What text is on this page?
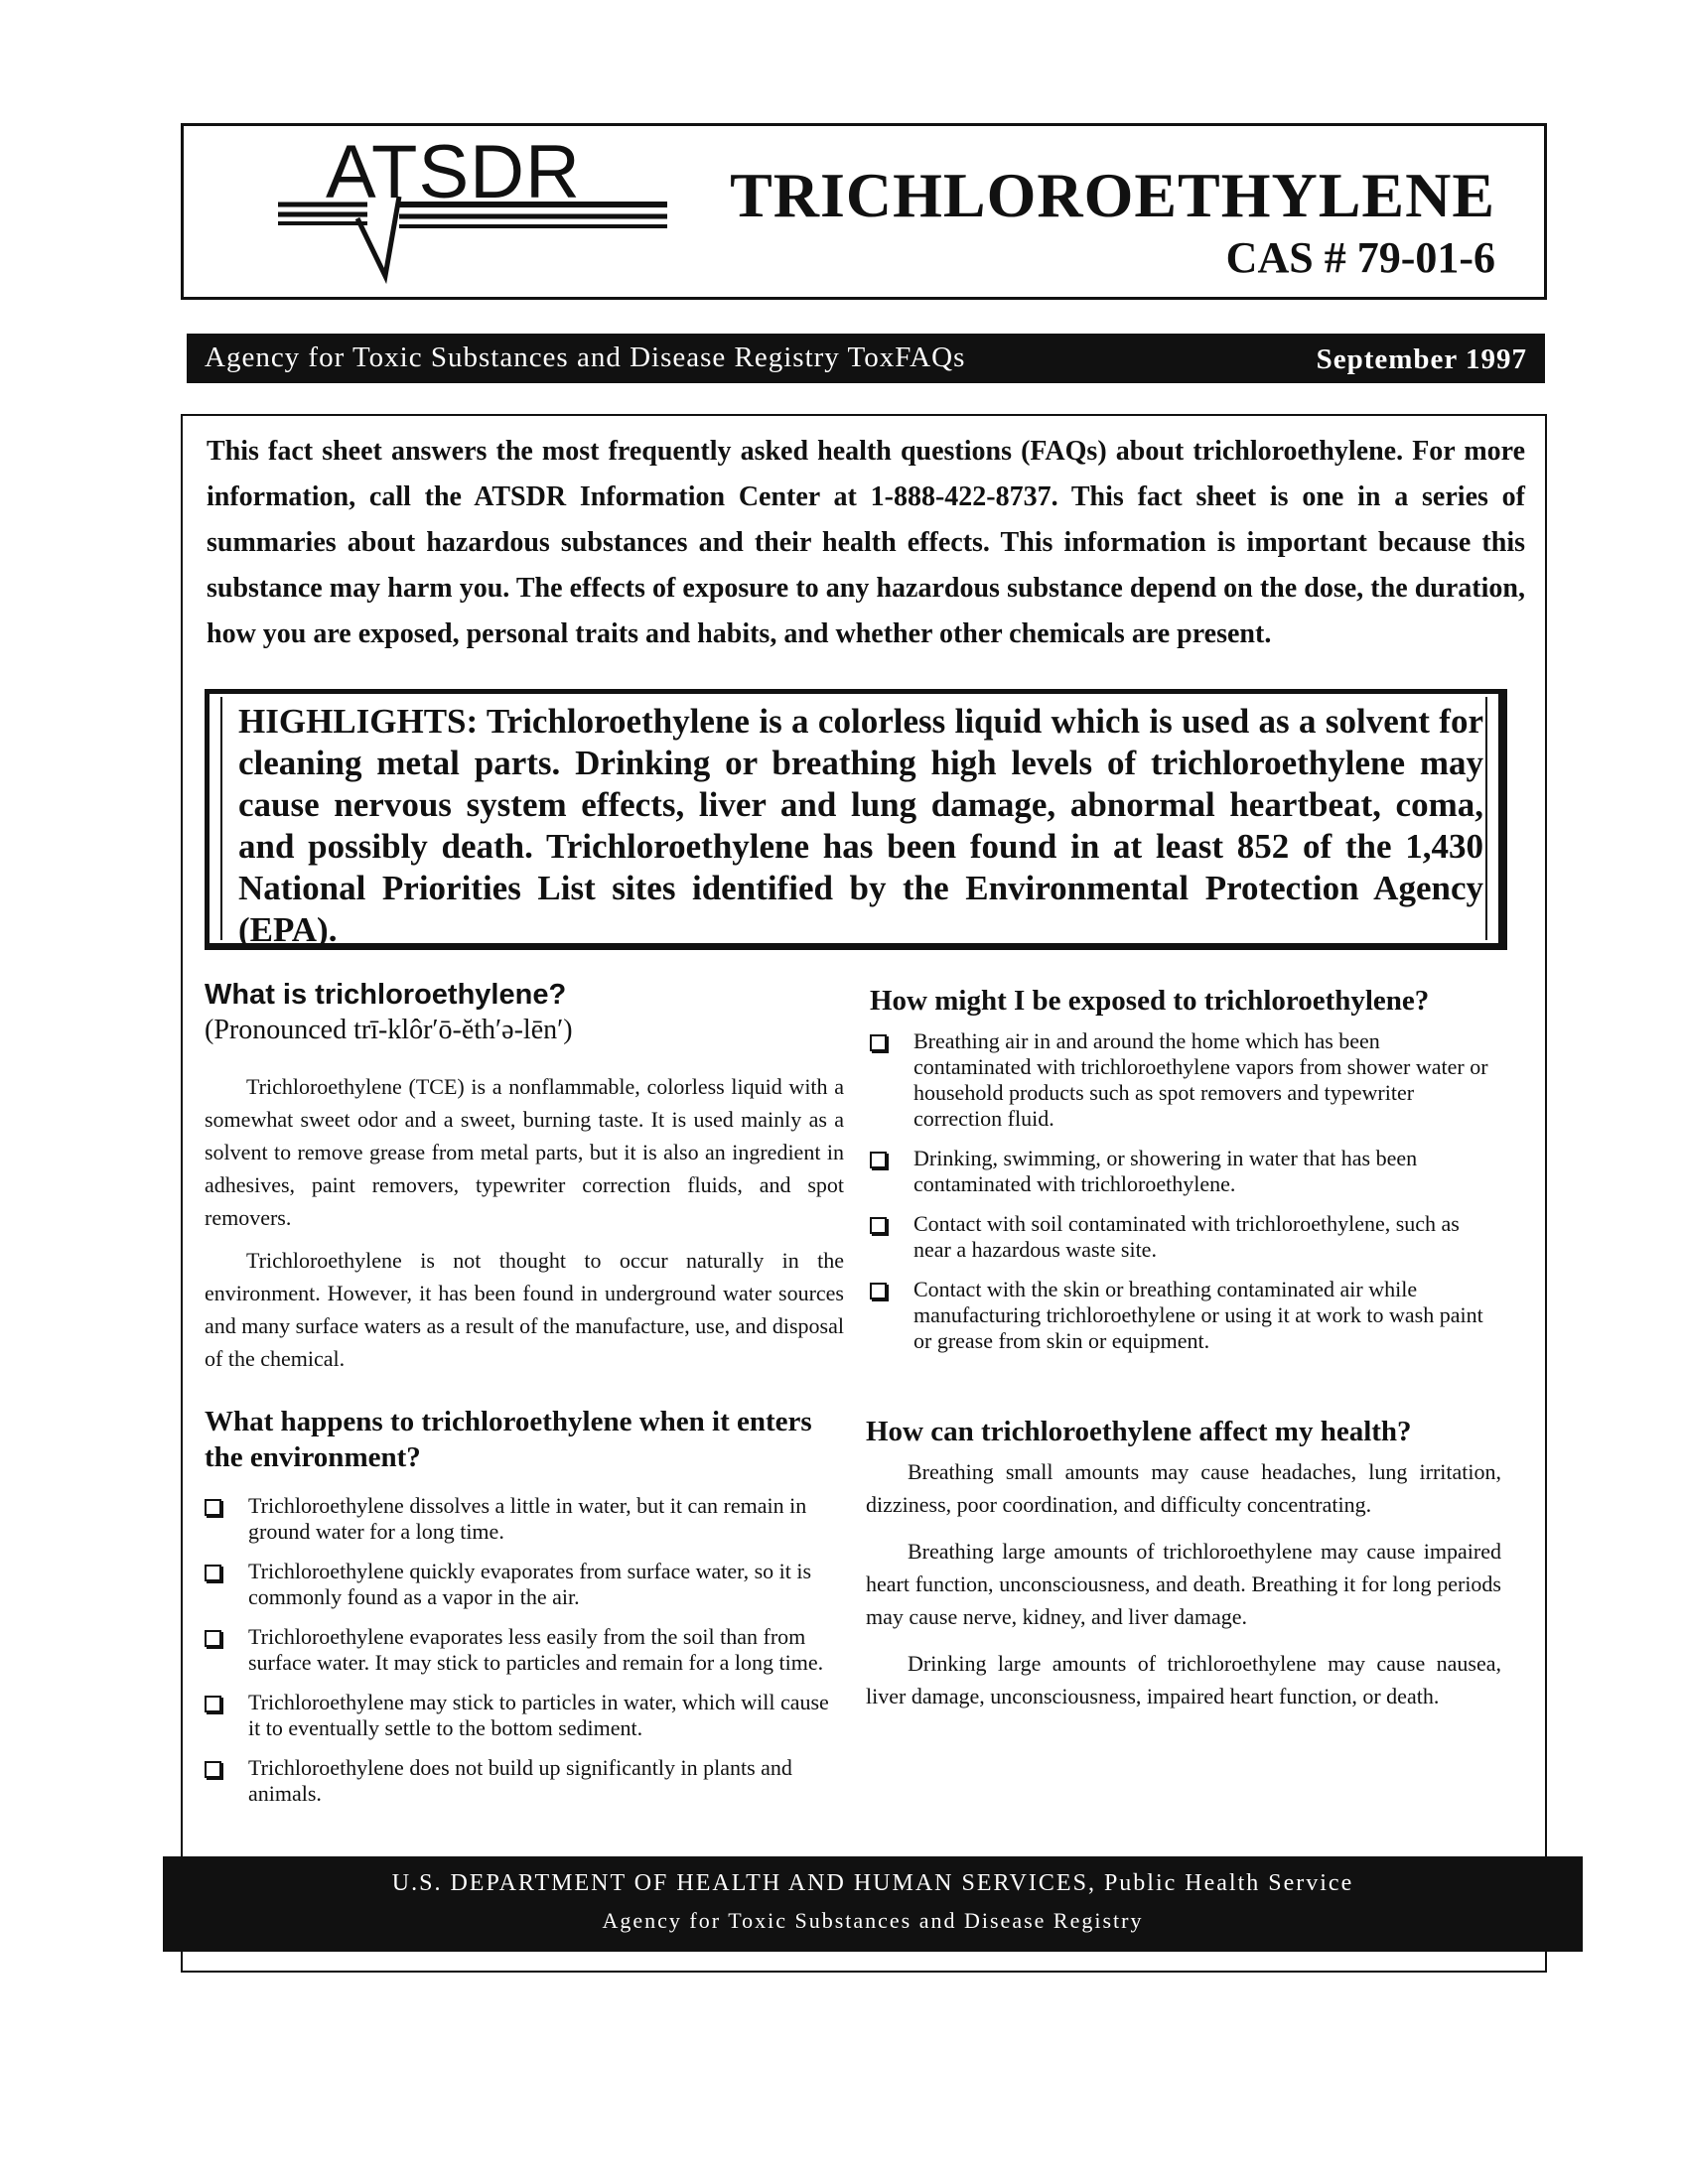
ATSDR TRICHLOROETHYLENE
CAS # 79-01-6
Agency for Toxic Substances and Disease Registry ToxFAQs	September 1997
This fact sheet answers the most frequently asked health questions (FAQs) about trichloroethylene. For more information, call the ATSDR Information Center at 1-888-422-8737. This fact sheet is one in a series of summaries about hazardous substances and their health effects. This information is important because this substance may harm you. The effects of exposure to any hazardous substance depend on the dose, the duration, how you are exposed, personal traits and habits, and whether other chemicals are present.
HIGHLIGHTS: Trichloroethylene is a colorless liquid which is used as a solvent for cleaning metal parts. Drinking or breathing high levels of trichloroethylene may cause nervous system effects, liver and lung damage, abnormal heartbeat, coma, and possibly death. Trichloroethylene has been found in at least 852 of the 1,430 National Priorities List sites identified by the Environmental Protection Agency (EPA).
What is trichloroethylene?
(Pronounced trī-klôr′ō-ĕth′ə-lēn′)

Trichloroethylene (TCE) is a nonflammable, colorless liquid with a somewhat sweet odor and a sweet, burning taste. It is used mainly as a solvent to remove grease from metal parts, but it is also an ingredient in adhesives, paint removers, typewriter correction fluids, and spot removers.

Trichloroethylene is not thought to occur naturally in the environment. However, it has been found in underground water sources and many surface waters as a result of the manufacture, use, and disposal of the chemical.

What happens to trichloroethylene when it enters the environment?
Trichloroethylene dissolves a little in water, but it can remain in ground water for a long time.
Trichloroethylene quickly evaporates from surface water, so it is commonly found as a vapor in the air.
Trichloroethylene evaporates less easily from the soil than from surface water. It may stick to particles and remain for a long time.
Trichloroethylene may stick to particles in water, which will cause it to eventually settle to the bottom sediment.
Trichloroethylene does not build up significantly in plants and animals.
How might I be exposed to trichloroethylene?
Breathing air in and around the home which has been contaminated with trichloroethylene vapors from shower water or household products such as spot removers and typewriter correction fluid.
Drinking, swimming, or showering in water that has been contaminated with trichloroethylene.
Contact with soil contaminated with trichloroethylene, such as near a hazardous waste site.
Contact with the skin or breathing contaminated air while manufacturing trichloroethylene or using it at work to wash paint or grease from skin or equipment.
How can trichloroethylene affect my health?

Breathing small amounts may cause headaches, lung irritation, dizziness, poor coordination, and difficulty concentrating.

Breathing large amounts of trichloroethylene may cause impaired heart function, unconsciousness, and death. Breathing it for long periods may cause nerve, kidney, and liver damage.

Drinking large amounts of trichloroethylene may cause nausea, liver damage, unconsciousness, impaired heart function, or death.

U.S. DEPARTMENT OF HEALTH AND HUMAN SERVICES, Public Health Service
Agency for Toxic Substances and Disease Registry
